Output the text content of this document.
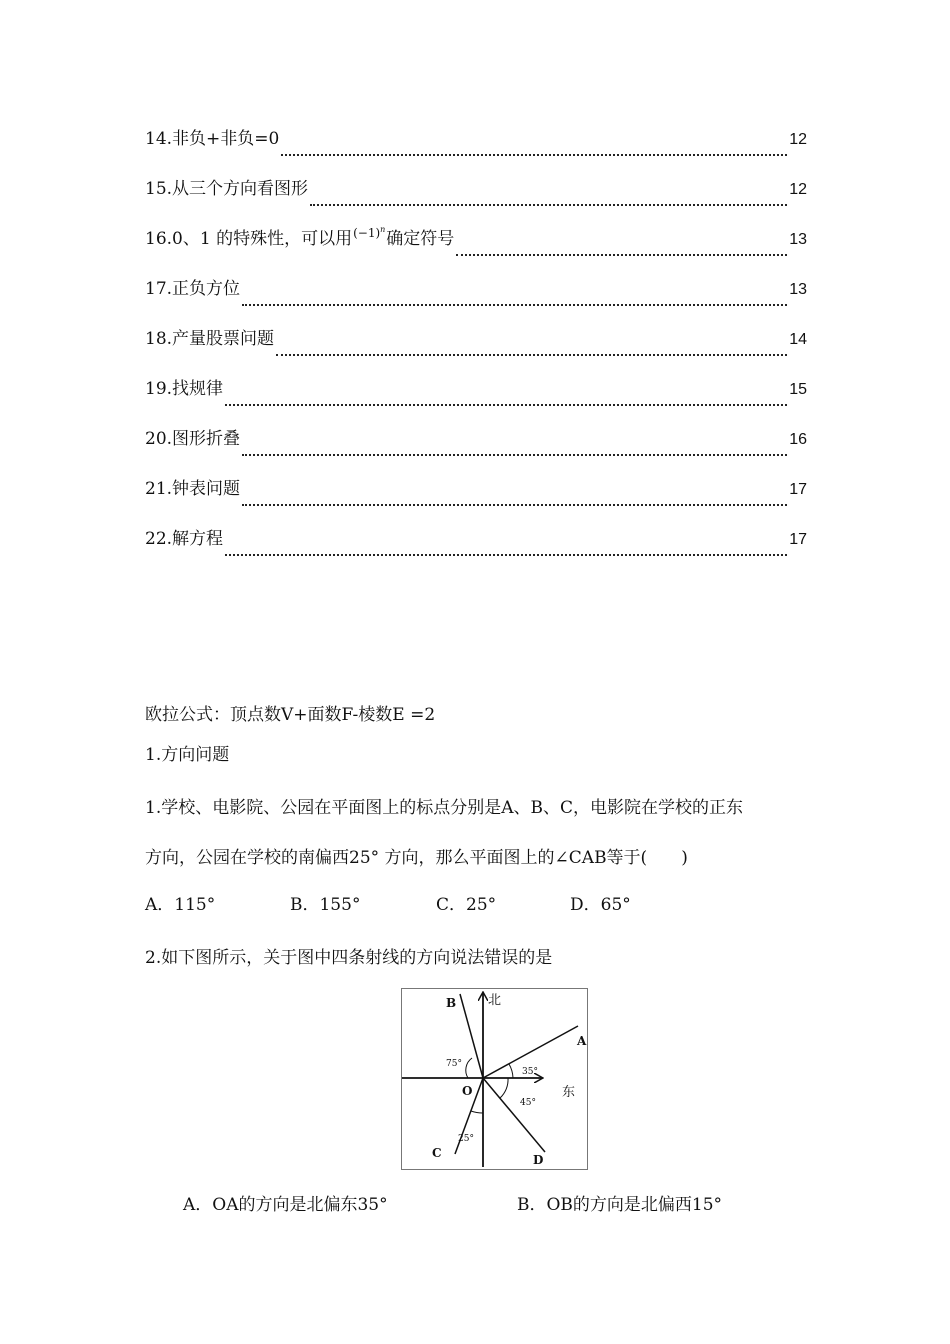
14.非负+非负=0	12
15.从三个方向看图形	12
16.0、1 的特殊性，可以用$^{(-1)^n}$确定符号	13
17.正负方位	13
18.产量股票问题	14
19.找规律	15
20.图形折叠	16
21.钟表问题	17
22.解方程	17
欧拉公式：顶点数V+面数F-棱数E =2
1.方向问题
1.学校、电影院、公园在平面图上的标点分别是A、B、C，电影院在学校的正东
方向，公园在学校的南偏西25° 方向，那么平面图上的∠CAB等于(　　)
A．115°	B．155°	C．25°	D．65°
2.如下图所示，关于图中四条射线的方向说法错误的是
B 北
A
东
O
75°
35°
45°
25°
C	D
A．OA的方向是北偏东35°	B．OB的方向是北偏西15°
